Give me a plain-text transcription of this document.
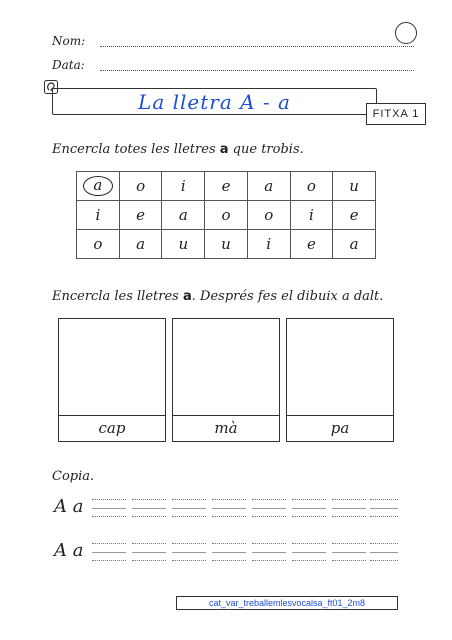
Nom:
Data:
La lletra A - a	FITXA 1
Encercla totes les lletres a que trobis.
a	o	i	e	a	o	u
i	e	a	o	o	i	e
o	a	u	u	i	e	a
Encercla les lletres a. Després fes el dibuix a dalt.
cap	mà	pa
Copia.
A a
A a
cat_var_treballemlesvocalsa_ft01_2m8
